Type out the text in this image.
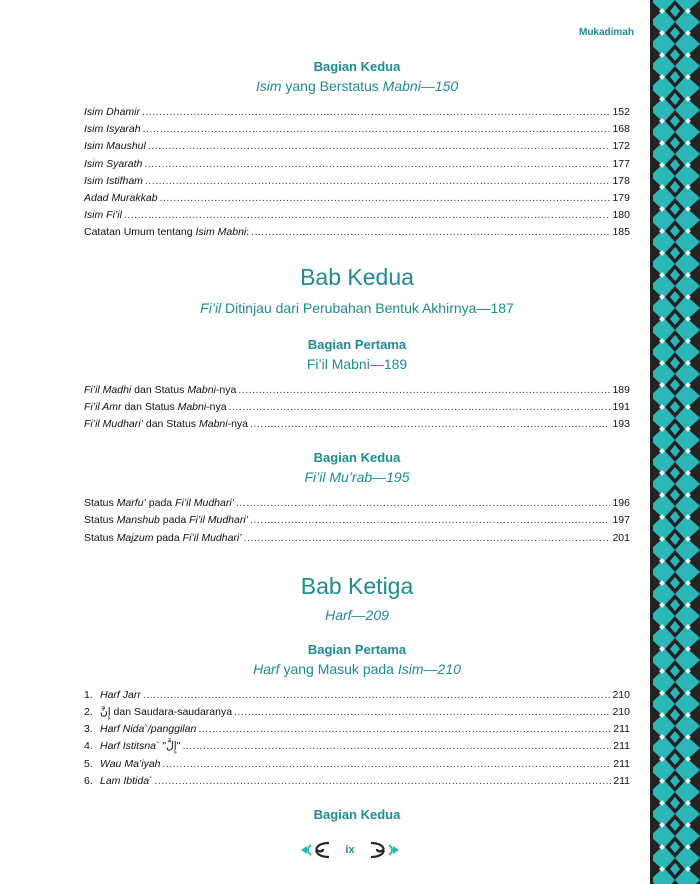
Mukadimah
Bagian Kedua
Isim yang Berstatus Mabni—150
Isim Dhamir .....	152
Isim Isyarah .....	168
Isim Maushul .....	172
Isim Syarath .....	177
Isim Istifham .....	178
Adad Murakkab .....	179
Isim Fi’il .....	180
Catatan Umum tentang Isim Mabni: .....	185
Bab Kedua
Fi’il Ditinjau dari Perubahan Bentuk Akhirnya—187
Bagian Pertama
Fi’il Mabni—189
Fi’il Madhi dan Status Mabni-nya .....	189
Fi’il Amr dan Status Mabni-nya .....	191
Fi’il Mudhari’ dan Status Mabni-nya .....	193
Bagian Kedua
Fi’il Mu’rab—195
Status Marfu’ pada Fi’il Mudhari’ .....	196
Status Manshub pada Fi’il Mudhari’ .....	197
Status Majzum pada Fi’il Mudhari’ .....	201
Bab Ketiga
Harf—209
Bagian Pertama
Harf yang Masuk pada Isim—210
1. Harf Jarr .....	210
2. إِنَّ dan Saudara-saudaranya .....	210
3. Harf Nida`/panggilan .....	211
4. Harf Istitsna` "إِلَّ" .....	211
5. Wau Ma’iyah .....	211
6. Lam Ibtida` .....	211
Bagian Kedua
ix
